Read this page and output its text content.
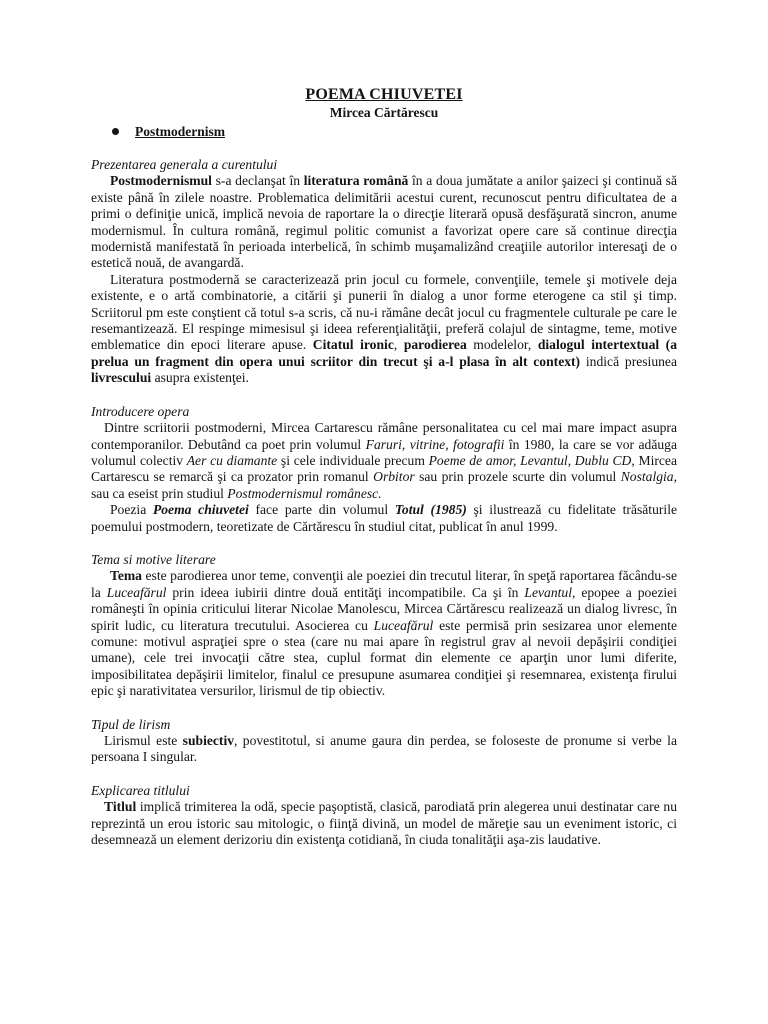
POEMA CHIUVETEI
Mircea Cărtărescu
Postmodernism

Prezentarea generala a curentului

Postmodernismul s-a declanşat în literatura română în a doua jumătate a anilor şaizeci şi continuă să existe până în zilele noastre. Problematica delimitării acestui curent, recunoscut pentru dificultatea de a primi o definiţie unică, implică nevoia de raportare la o direcţie literară opusă desfăşurată sincron, anume modernismul. În cultura română, regimul politic comunist a favorizat opere care să continue direcţia modernistă manifestată în perioada interbelică, în schimb muşamalizând creaţiile autorilor interesaţi de o estetică nouă, de avangardă.

Literatura postmodernă se caracterizează prin jocul cu formele, convenţiile, temele şi motivele deja existente, e o artă combinatorie, a citării şi punerii în dialog a unor forme eterogene ca stil şi timp. Scriitorul pm este conştient că totul s-a scris, că nu-i rămâne decât jocul cu fragmentele culturale pe care le resemantizează. El respinge mimesisul şi ideea referenţialităţii, preferă colajul de sintagme, teme, motive emblematice din epoci literare apuse. Citatul ironic, parodierea modelelor, dialogul intertextual (a prelua un fragment din opera unui scriitor din trecut şi a-l plasa în alt context) indică presiunea livrescului asupra existenţei.

Introducere opera

Dintre scriitorii postmoderni, Mircea Cartarescu rămâne personalitatea cu cel mai mare impact asupra contemporanilor. Debutând ca poet prin volumul Faruri, vitrine, fotografii în 1980, la care se vor adăuga volumul colectiv Aer cu diamante şi cele individuale precum Poeme de amor, Levantul, Dublu CD, Mircea Cartarescu se remarcă şi ca prozator prin romanul Orbitor sau prin prozele scurte din volumul Nostalgia, sau ca eseist prin studiul Postmodernismul românesc.

Poezia Poema chiuvetei face parte din volumul Totul (1985) şi ilustrează cu fidelitate trăsăturile poemului postmodern, teoretizate de Cărtărescu în studiul citat, publicat în anul 1999.

Tema si motive literare

Tema este parodierea unor teme, convenţii ale poeziei din trecutul literar, în speţă raportarea făcându-se la Luceafărul prin ideea iubirii dintre două entităţi incompatibile. Ca şi în Levantul, epopee a poeziei româneşti în opinia criticului literar Nicolae Manolescu, Mircea Cărtărescu realizează un dialog livresc, în spirit ludic, cu literatura trecutului. Asocierea cu Luceafărul este permisă prin sesizarea unor elemente comune: motivul aspraţiei spre o stea (care nu mai apare în registrul grav al nevoii depăşirii condiţiei umane), cele trei invocaţii către stea, cuplul format din elemente ce aparţin unor lumi diferite, imposibilitatea depăşirii limitelor, finalul ce presupune asumarea condiţiei şi resemnarea, existenţa firului epic şi narativitatea versurilor, lirismul de tip obiectiv.

Tipul de lirism

Lirismul este subiectiv, povestitotul, si anume gaura din perdea, se foloseste de pronume si verbe la persoana I singular.

Explicarea titlului

Titlul implică trimiterea la odă, specie paşoptistă, clasică, parodiată prin alegerea unui destinatar care nu reprezintă un erou istoric sau mitologic, o fiinţă divină, un model de măreţie sau un eveniment istoric, ci desemnează un element derizoriu din existenţa cotidiană, în ciuda tonalităţii aşa-zis laudative.
